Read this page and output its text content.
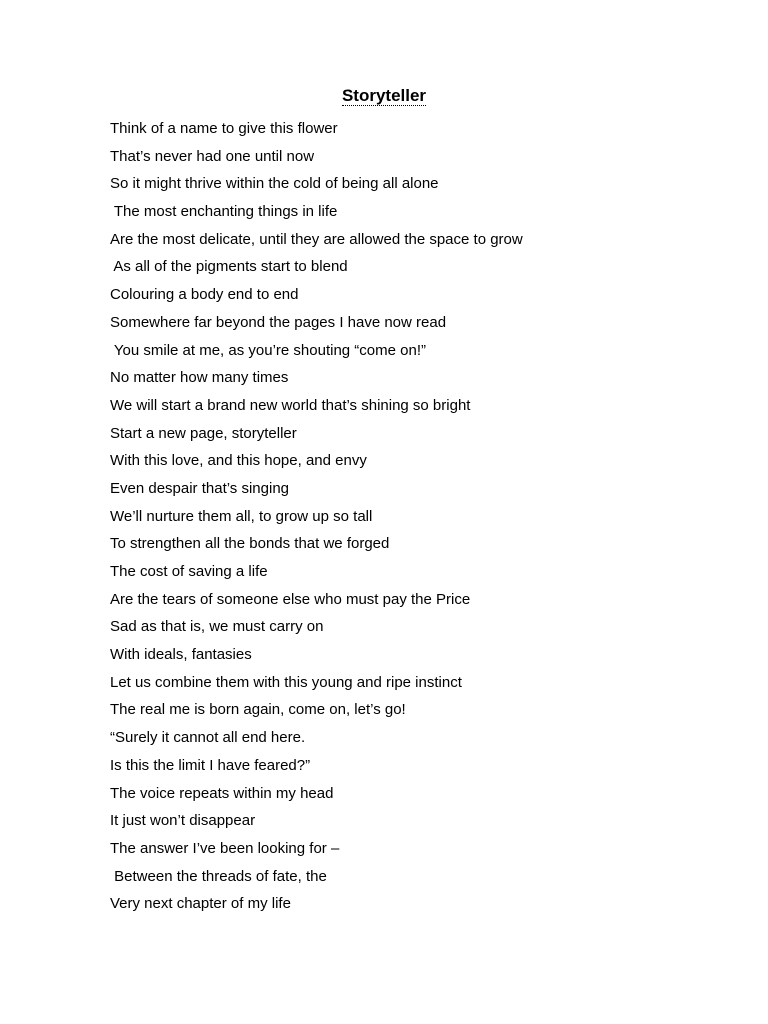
Storyteller
Think of a name to give this flower
That’s never had one until now
So it might thrive within the cold of being all alone
The most enchanting things in life
Are the most delicate, until they are allowed the space to grow
As all of the pigments start to blend
Colouring a body end to end
Somewhere far beyond the pages I have now read
You smile at me, as you’re shouting “come on!”
No matter how many times
We will start a brand new world that’s shining so bright
Start a new page, storyteller
With this love, and this hope, and envy
Even despair that’s singing
We’ll nurture them all, to grow up so tall
To strengthen all the bonds that we forged
The cost of saving a life
Are the tears of someone else who must pay the Price
Sad as that is, we must carry on
With ideals, fantasies
Let us combine them with this young and ripe instinct
The real me is born again, come on, let’s go!
“Surely it cannot all end here.
Is this the limit I have feared?”
The voice repeats within my head
It just won’t disappear
The answer I’ve been looking for –
Between the threads of fate, the
Very next chapter of my life
